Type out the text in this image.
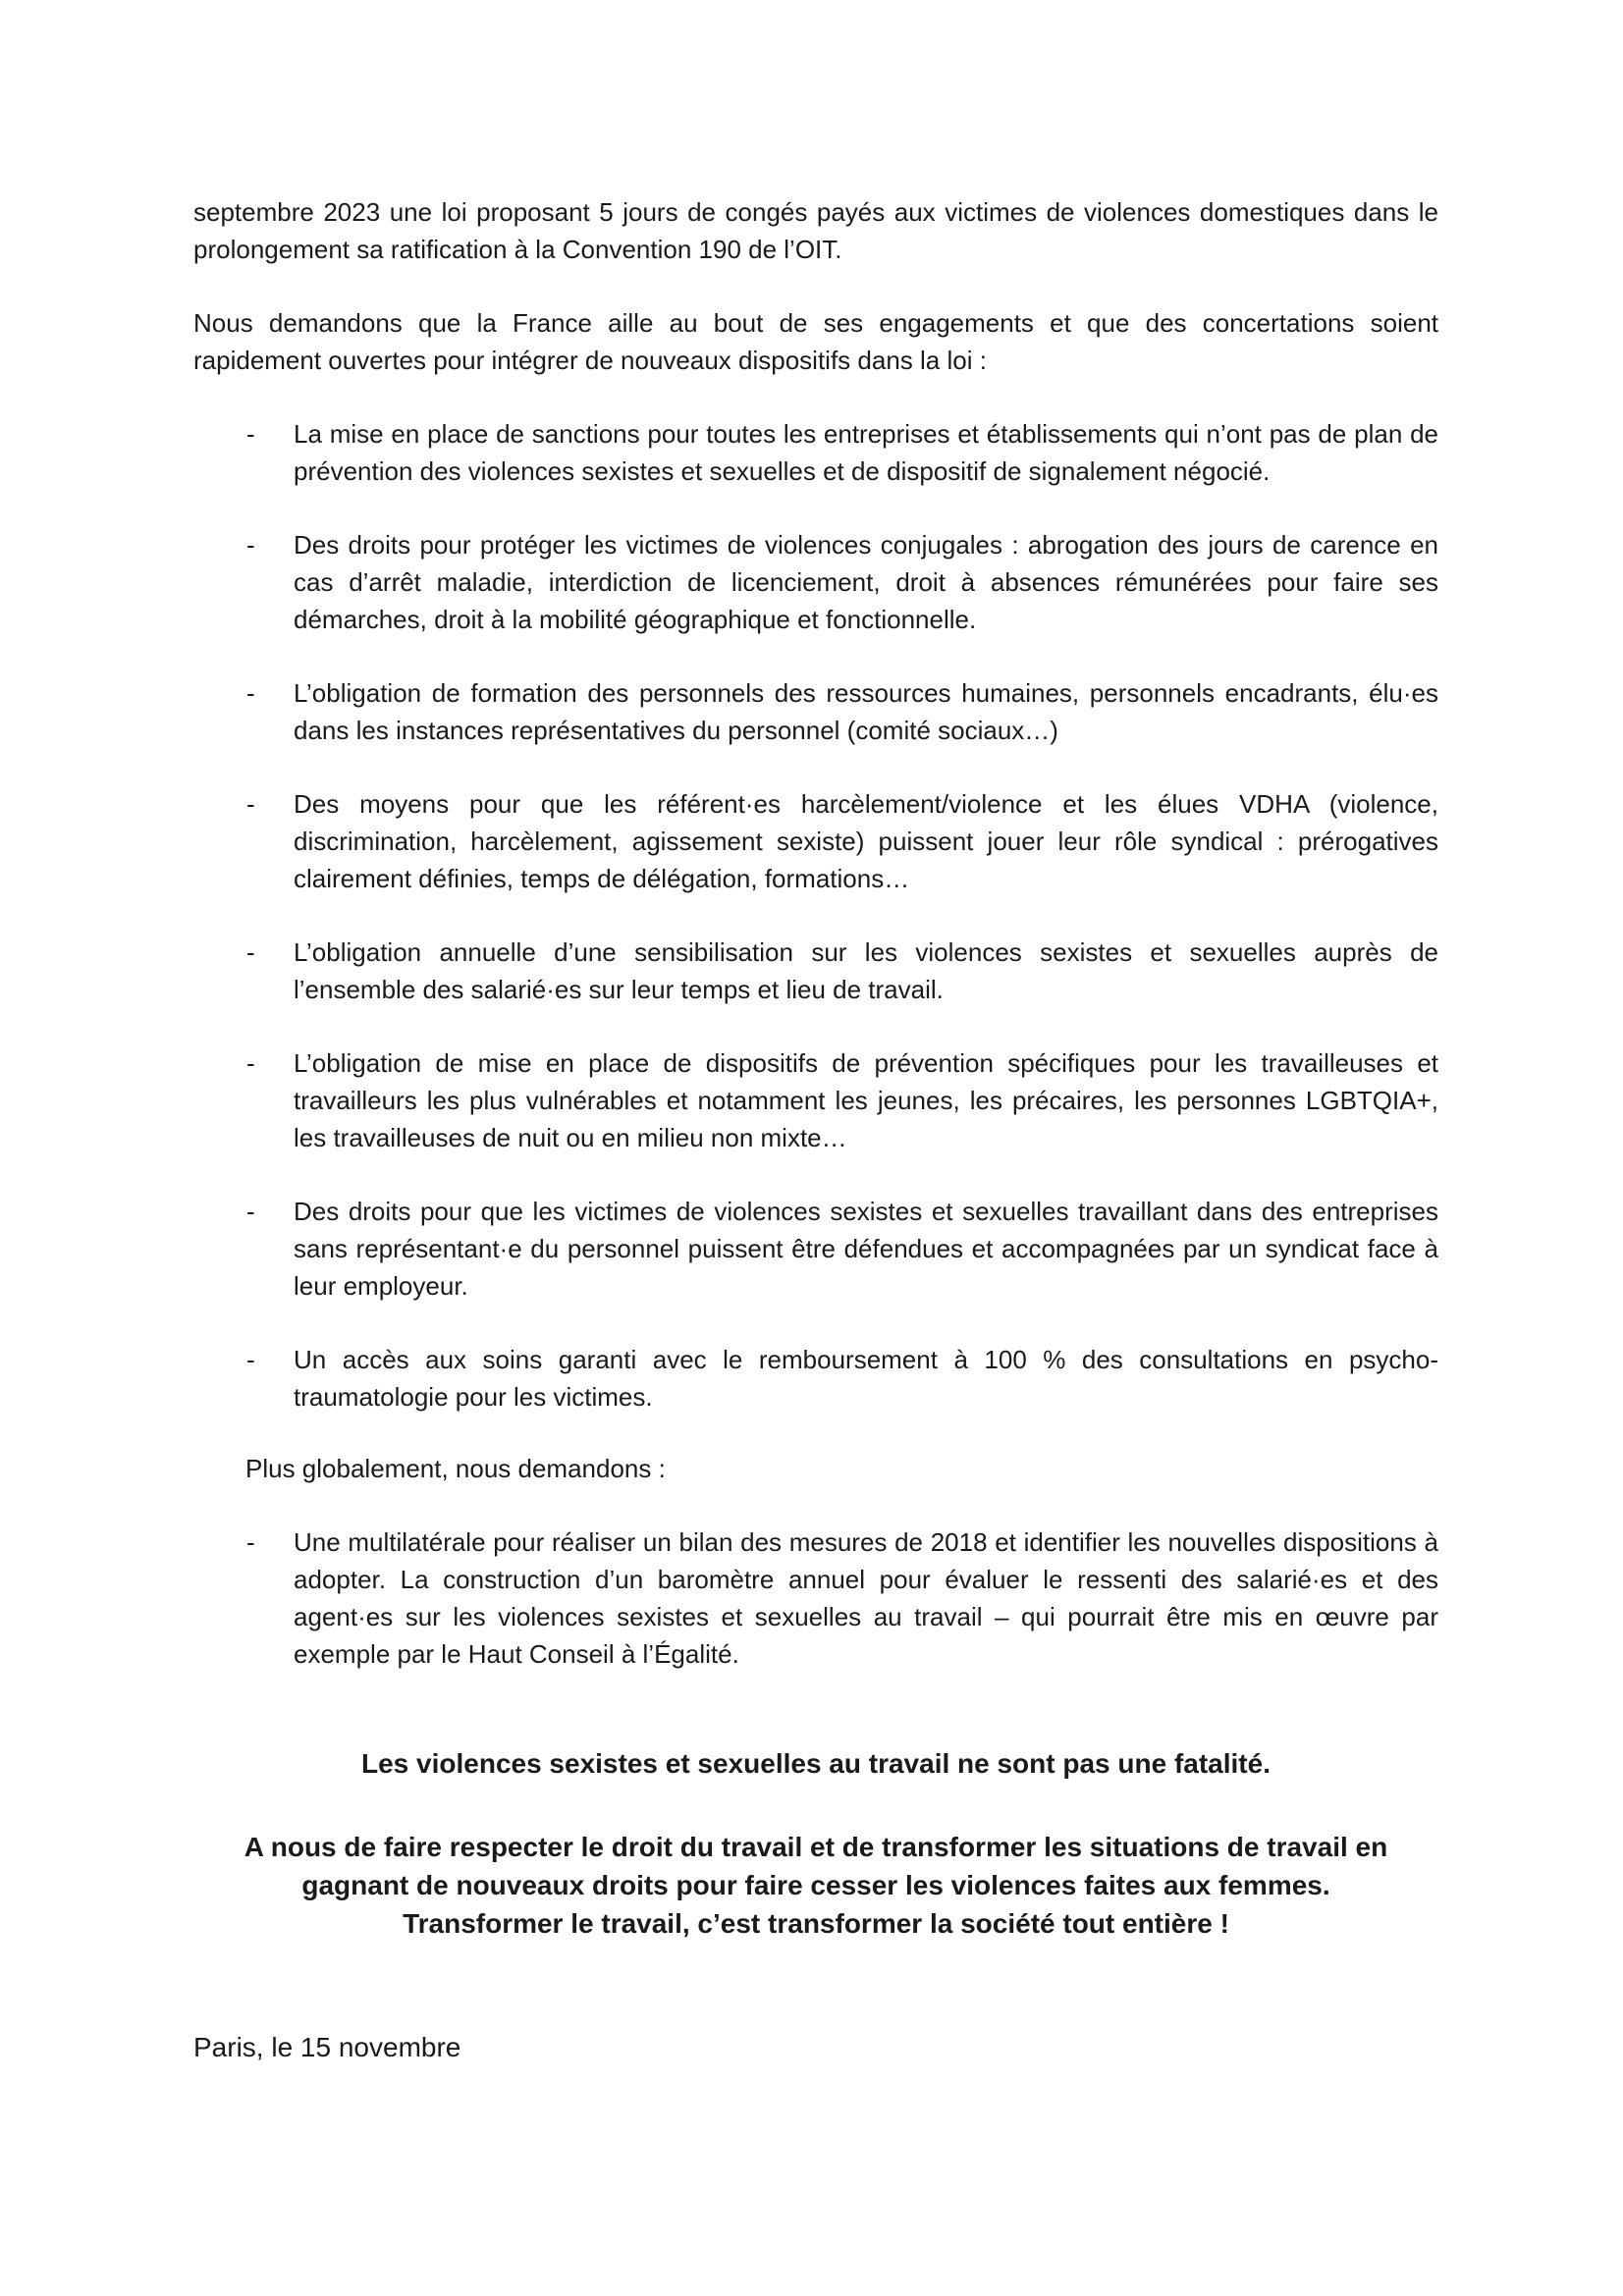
septembre 2023 une loi proposant 5 jours de congés payés aux victimes de violences domestiques dans le prolongement sa ratification à la Convention 190 de l’OIT.

Nous demandons que la France aille au bout de ses engagements et que des concertations soient rapidement ouvertes pour intégrer de nouveaux dispositifs dans la loi :

- La mise en place de sanctions pour toutes les entreprises et établissements qui n’ont pas de plan de prévention des violences sexistes et sexuelles et de dispositif de signalement négocié.
- Des droits pour protéger les victimes de violences conjugales : abrogation des jours de carence en cas d’arrêt maladie, interdiction de licenciement, droit à absences rémunérées pour faire ses démarches, droit à la mobilité géographique et fonctionnelle.
- L’obligation de formation des personnels des ressources humaines, personnels encadrants, élu·es dans les instances représentatives du personnel (comité sociaux…)
- Des moyens pour que les référent·es harcèlement/violence et les élues VDHA (violence, discrimination, harcèlement, agissement sexiste) puissent jouer leur rôle syndical : prérogatives clairement définies, temps de délégation, formations…
- L’obligation annuelle d’une sensibilisation sur les violences sexistes et sexuelles auprès de l’ensemble des salarié·es sur leur temps et lieu de travail.
- L’obligation de mise en place de dispositifs de prévention spécifiques pour les travailleuses et travailleurs les plus vulnérables et notamment les jeunes, les précaires, les personnes LGBTQIA+, les travailleuses de nuit ou en milieu non mixte…
- Des droits pour que les victimes de violences sexistes et sexuelles travaillant dans des entreprises sans représentant·e du personnel puissent être défendues et accompagnées par un syndicat face à leur employeur.
- Un accès aux soins garanti avec le remboursement à 100 % des consultations en psycho-traumatologie pour les victimes.
Plus globalement, nous demandons :
- Une multilatérale pour réaliser un bilan des mesures de 2018 et identifier les nouvelles dispositions à adopter. La construction d’un baromètre annuel pour évaluer le ressenti des salarié·es et des agent·es sur les violences sexistes et sexuelles au travail – qui pourrait être mis en œuvre par exemple par le Haut Conseil à l’Égalité.
Les violences sexistes et sexuelles au travail ne sont pas une fatalité.
A nous de faire respecter le droit du travail et de transformer les situations de travail en gagnant de nouveaux droits pour faire cesser les violences faites aux femmes.
Transformer le travail, c’est transformer la société tout entière !
Paris, le 15 novembre
